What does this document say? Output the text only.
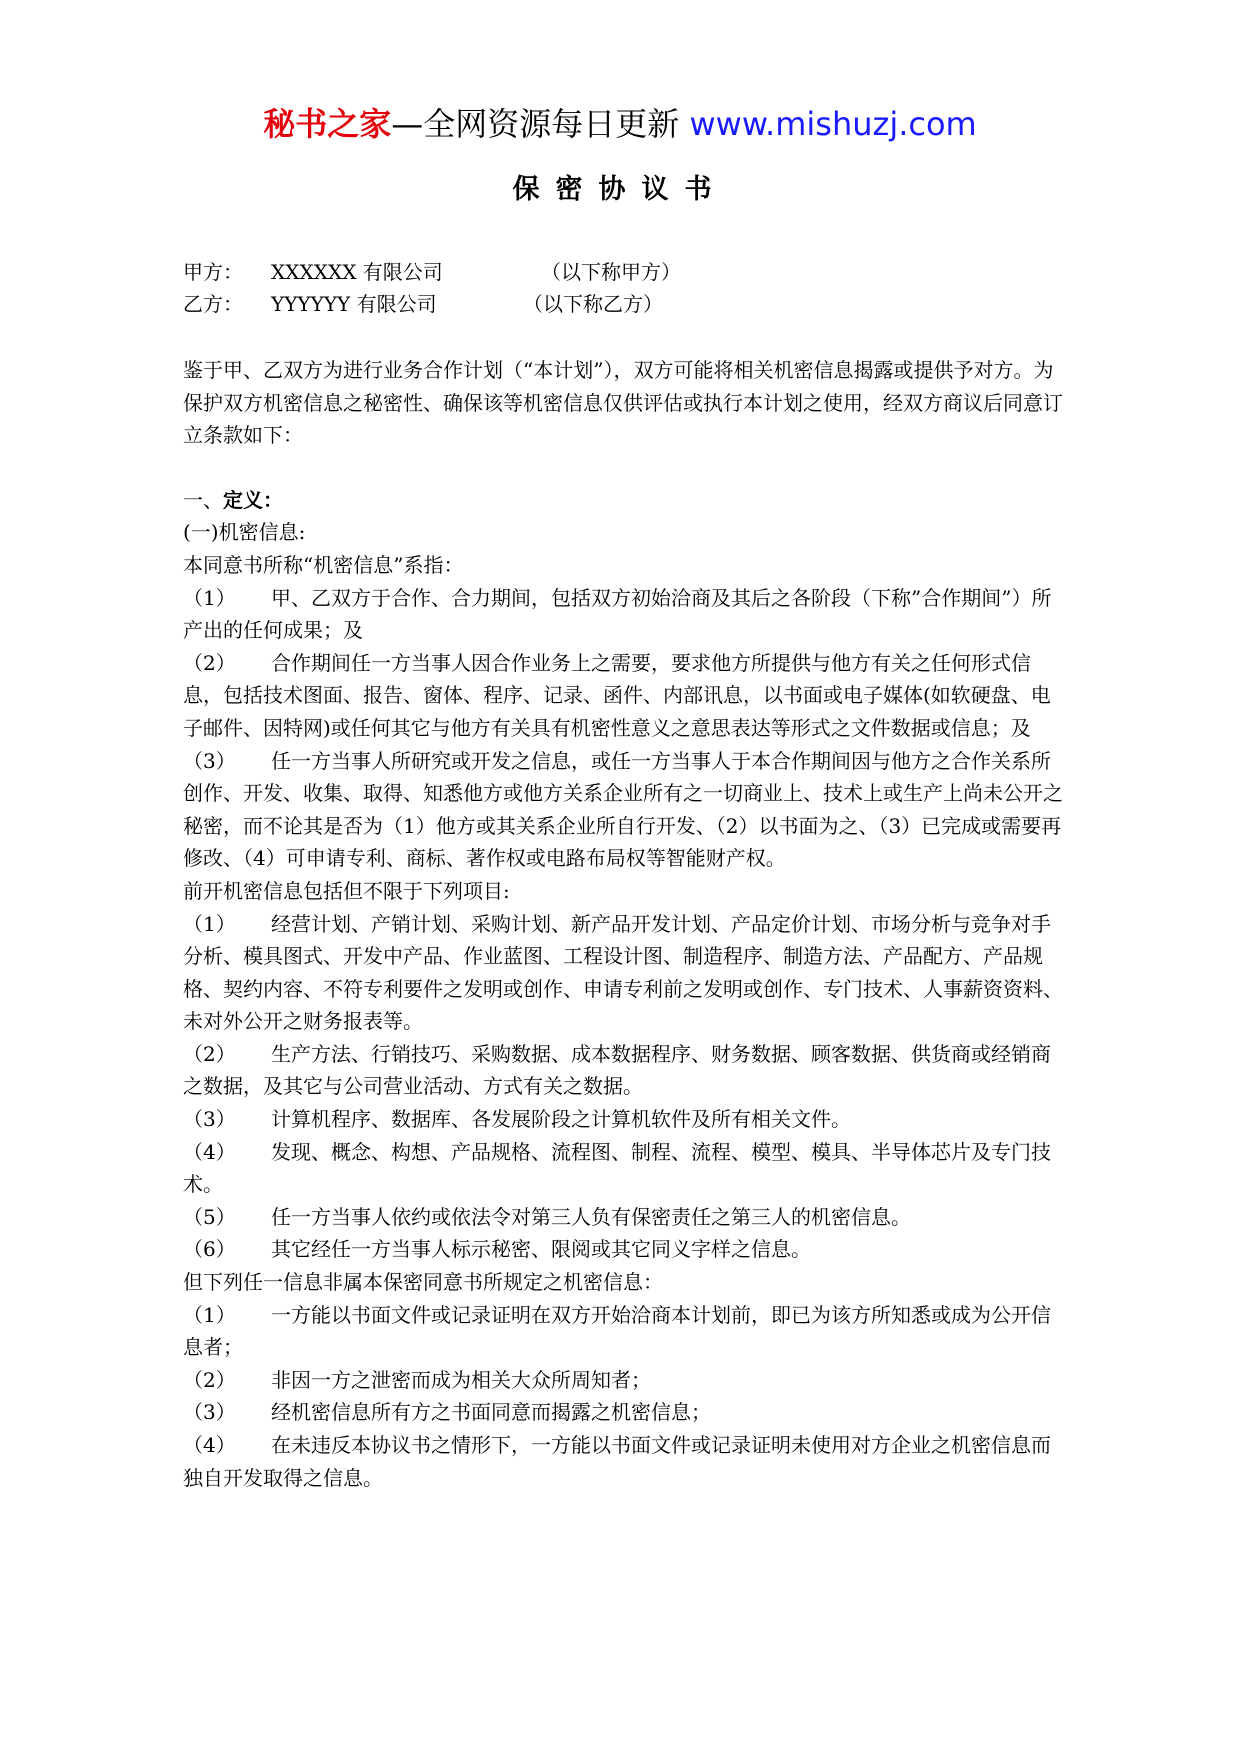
秘书之家—全网资源每日更新 www.mishuzj.com
保密协议书
甲方： XXXXXX 有限公司	（以下称甲方）
乙方： YYYYYY 有限公司	（以下称乙方）

鉴于甲、乙双方为进行业务合作计划（“本计划”），双方可能将相关机密信息揭露或提供予对方。为保护双方机密信息之秘密性、确保该等机密信息仅供评估或执行本计划之使用，经双方商议后同意订立条款如下：

一、定义：

(一)机密信息:

本同意书所称“机密信息”系指：

（1） 甲、乙双方于合作、合力期间，包括双方初始洽商及其后之各阶段（下称”合作期间”）所产出的任何成果；及

（2） 合作期间任一方当事人因合作业务上之需要，要求他方所提供与他方有关之任何形式信息，包括技术图面、报告、窗体、程序、记录、函件、内部讯息，以书面或电子媒体(如软硬盘、电子邮件、因特网)或任何其它与他方有关具有机密性意义之意思表达等形式之文件数据或信息；及

（3） 任一方当事人所研究或开发之信息，或任一方当事人于本合作期间因与他方之合作关系所创作、开发、收集、取得、知悉他方或他方关系企业所有之一切商业上、技术上或生产上尚未公开之秘密，而不论其是否为（1）他方或其关系企业所自行开发、（2）以书面为之、（3）已完成或需要再修改、（4）可申请专利、商标、著作权或电路布局权等智能财产权。

前开机密信息包括但不限于下列项目:

（1） 经营计划、产销计划、采购计划、新产品开发计划、产品定价计划、市场分析与竞争对手分析、模具图式、开发中产品、作业蓝图、工程设计图、制造程序、制造方法、产品配方、产品规格、契约内容、不符专利要件之发明或创作、申请专利前之发明或创作、专门技术、人事薪资资料、未对外公开之财务报表等。

（2） 生产方法、行销技巧、采购数据、成本数据程序、财务数据、顾客数据、供货商或经销商之数据，及其它与公司营业活动、方式有关之数据。

（3） 计算机程序、数据库、各发展阶段之计算机软件及所有相关文件。

（4） 发现、概念、构想、产品规格、流程图、制程、流程、模型、模具、半导体芯片及专门技术。

（5） 任一方当事人依约或依法令对第三人负有保密责任之第三人的机密信息。

（6） 其它经任一方当事人标示秘密、限阅或其它同义字样之信息。

但下列任一信息非属本保密同意书所规定之机密信息：

（1） 一方能以书面文件或记录证明在双方开始洽商本计划前，即已为该方所知悉或成为公开信息者；

（2） 非因一方之泄密而成为相关大众所周知者；

（3） 经机密信息所有方之书面同意而揭露之机密信息；

（4） 在未违反本协议书之情形下，一方能以书面文件或记录证明未使用对方企业之机密信息而独自开发取得之信息。
